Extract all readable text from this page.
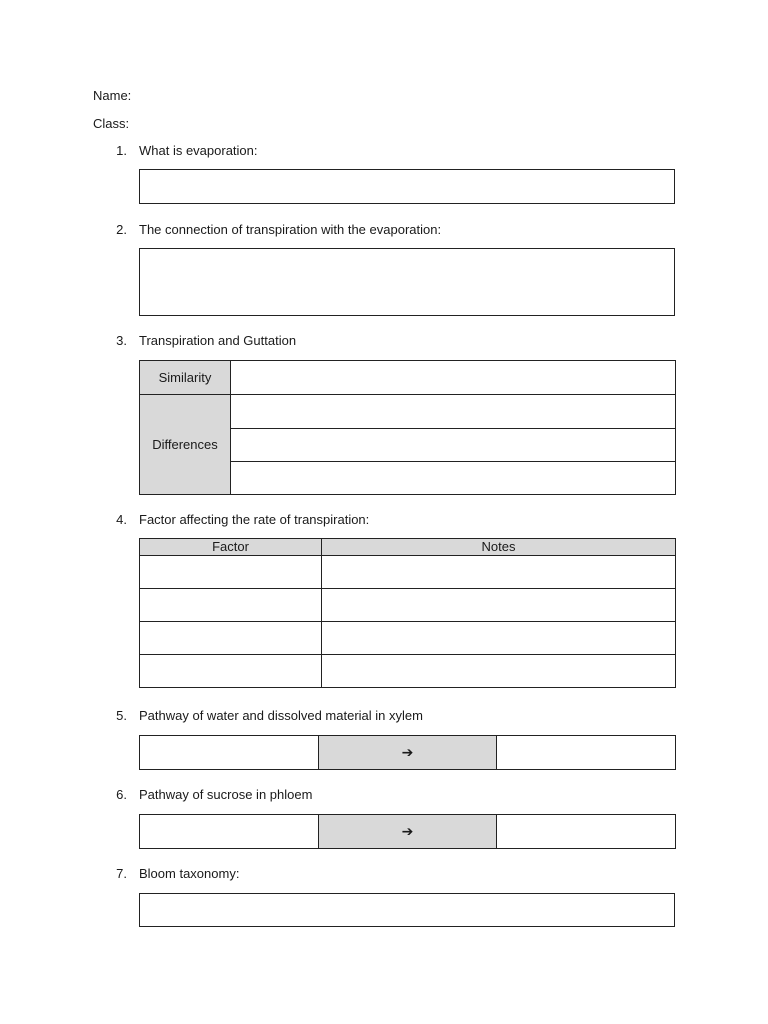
Name:
Class:
1. What is evaporation:
2. The connection of transpiration with the evaporation:
3. Transpiration and Guttation
Similarity	
Differences	

4. Factor affecting the rate of transpiration:
Factor	Notes

5. Pathway of water and dissolved material in xylem
	➔	
6. Pathway of sucrose in phloem
	➔	
7. Bloom taxonomy:
